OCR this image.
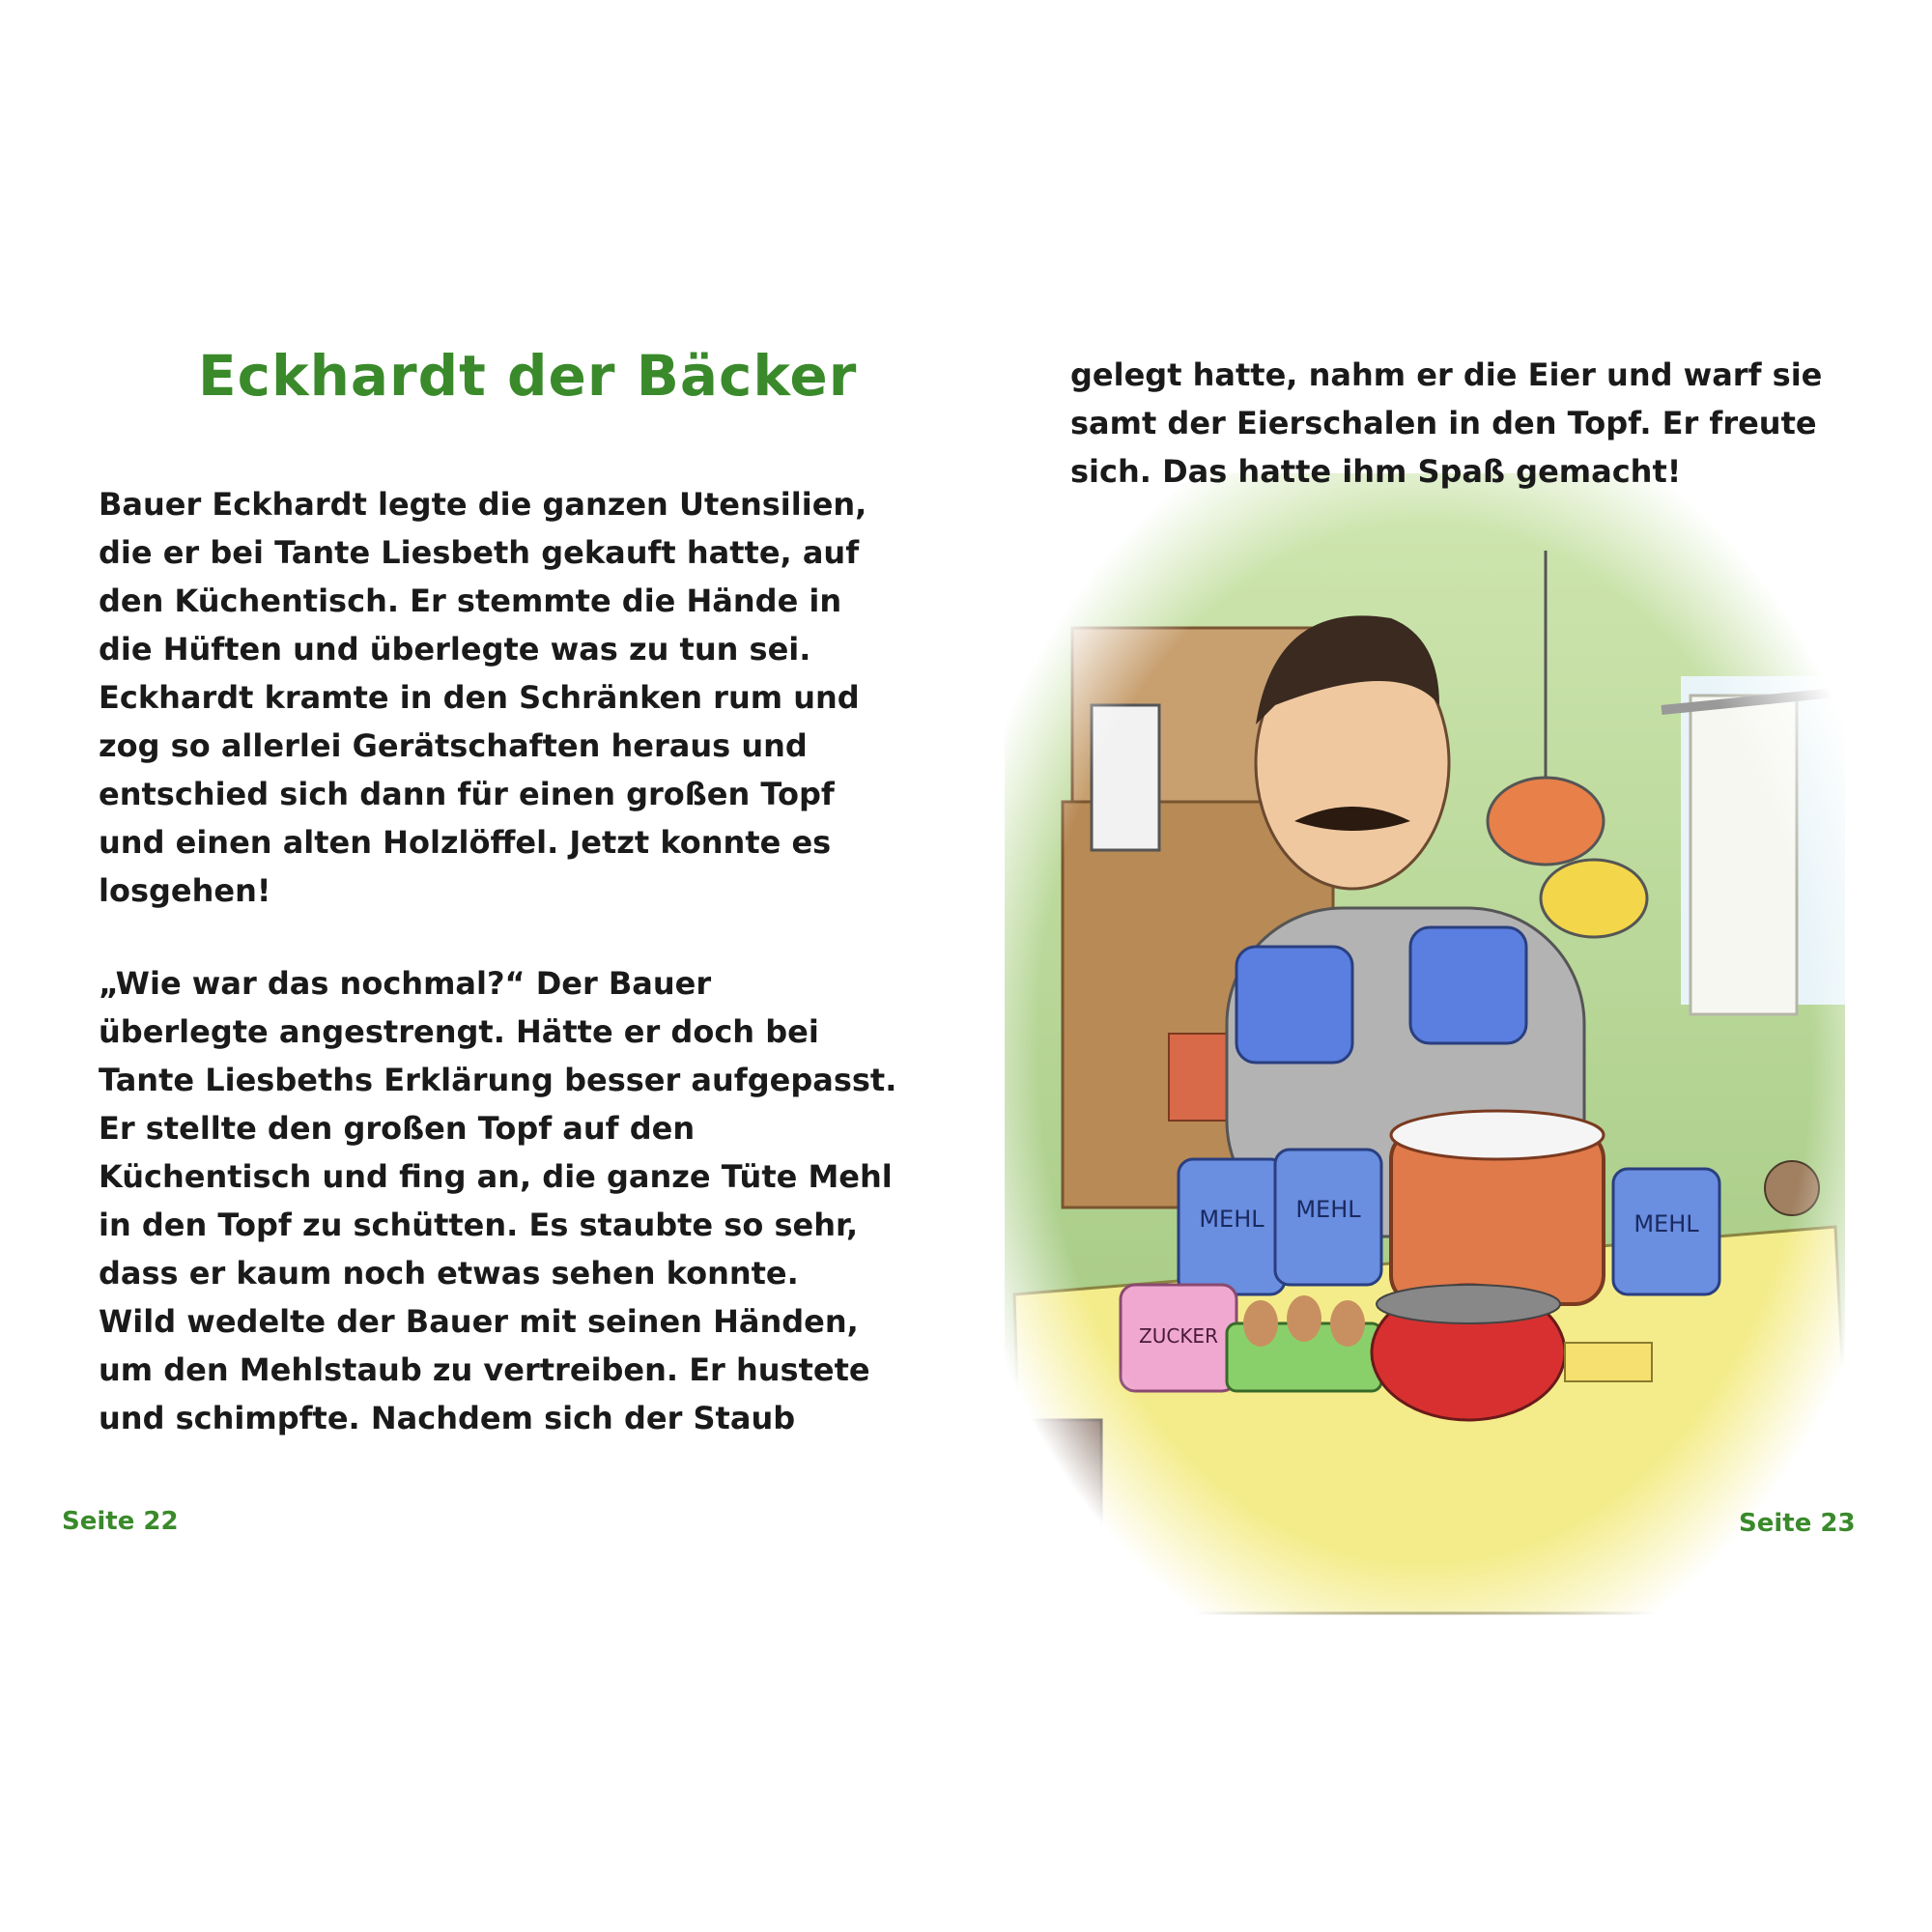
Eckhardt der Bäcker

Bauer Eckhardt legte die ganzen Utensilien,
die er bei Tante Liesbeth gekauft hatte, auf
den Küchentisch. Er stemmte die Hände in
die Hüften und überlegte was zu tun sei.
Eckhardt kramte in den Schränken rum und
zog so allerlei Gerätschaften heraus und
entschied sich dann für einen großen Topf
und einen alten Holzlöffel. Jetzt konnte es
losgehen!

„Wie war das nochmal?“ Der Bauer
überlegte angestrengt. Hätte er doch bei
Tante Liesbeths Erklärung besser aufgepasst.
Er stellte den großen Topf auf den
Küchentisch und fing an, die ganze Tüte Mehl
in den Topf zu schütten. Es staubte so sehr,
dass er kaum noch etwas sehen konnte.
Wild wedelte der Bauer mit seinen Händen,
um den Mehlstaub zu vertreiben. Er hustete
und schimpfte. Nachdem sich der Staub

Seite 22

gelegt hatte, nahm er die Eier und warf sie
samt der Eierschalen in den Topf. Er freute
sich. Das hatte ihm Spaß gemacht!

Seite 23
